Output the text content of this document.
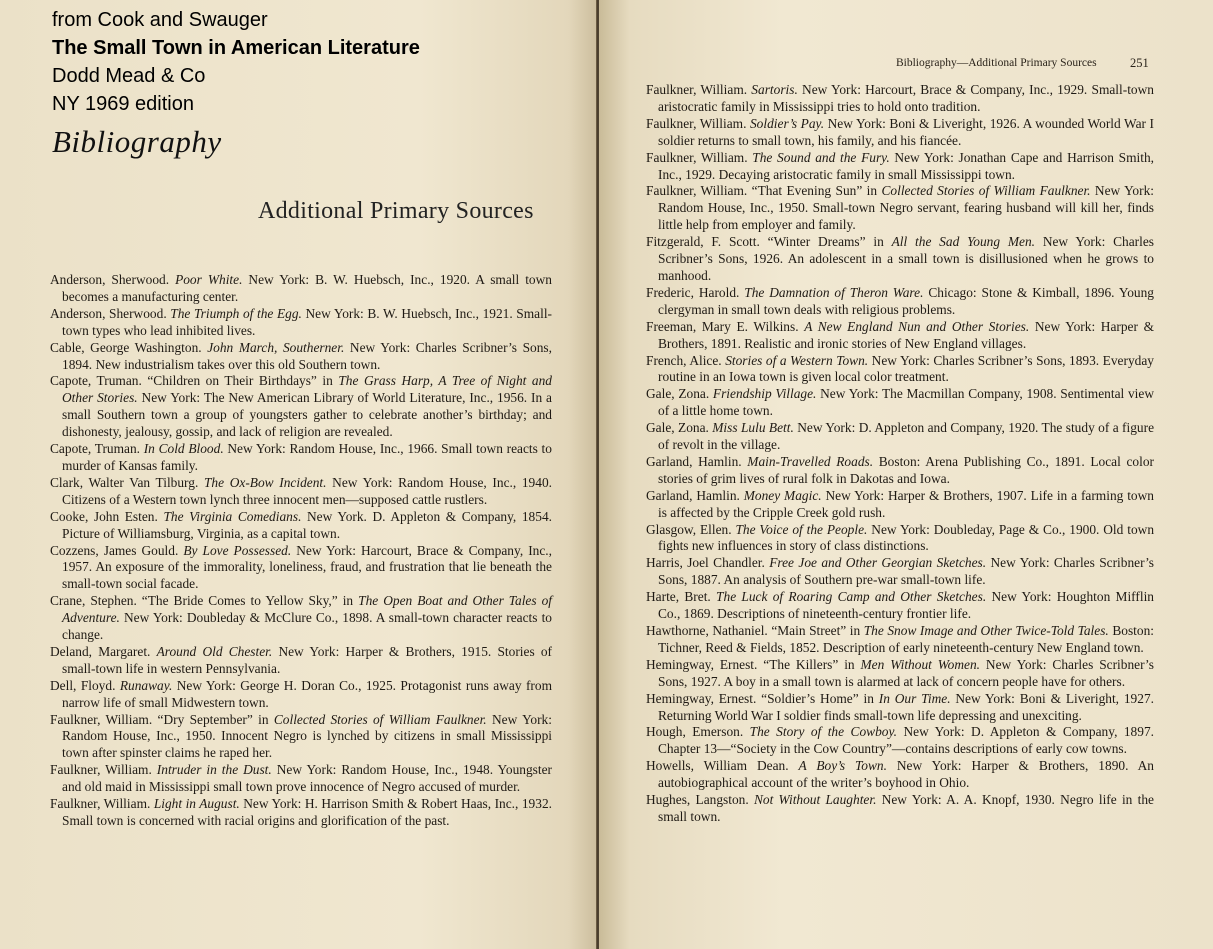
from Cook and Swauger
The Small Town in American Literature
Dodd Mead & Co
NY 1969 edition
Bibliography
Additional Primary Sources

Anderson, Sherwood. Poor White. New York: B. W. Huebsch, Inc., 1920. A small town becomes a manufacturing center.

Anderson, Sherwood. The Triumph of the Egg. New York: B. W. Huebsch, Inc., 1921. Small-town types who lead inhibited lives.

Cable, George Washington. John March, Southerner. New York: Charles Scribner’s Sons, 1894. New industrialism takes over this old Southern town.

Capote, Truman. “Children on Their Birthdays” in The Grass Harp, A Tree of Night and Other Stories. New York: The New American Library of World Literature, Inc., 1956. In a small Southern town a group of youngsters gather to celebrate another’s birthday; and dishonesty, jealousy, gossip, and lack of religion are revealed.

Capote, Truman. In Cold Blood. New York: Random House, Inc., 1966. Small town reacts to murder of Kansas family.

Clark, Walter Van Tilburg. The Ox-Bow Incident. New York: Random House, Inc., 1940. Citizens of a Western town lynch three innocent men—supposed cattle rustlers.

Cooke, John Esten. The Virginia Comedians. New York. D. Appleton & Company, 1854. Picture of Williamsburg, Virginia, as a capital town.

Cozzens, James Gould. By Love Possessed. New York: Harcourt, Brace & Company, Inc., 1957. An exposure of the immorality, loneliness, fraud, and frustration that lie beneath the small-town social facade.

Crane, Stephen. “The Bride Comes to Yellow Sky,” in The Open Boat and Other Tales of Adventure. New York: Doubleday & McClure Co., 1898. A small-town character reacts to change.

Deland, Margaret. Around Old Chester. New York: Harper & Brothers, 1915. Stories of small-town life in western Pennsylvania.

Dell, Floyd. Runaway. New York: George H. Doran Co., 1925. Protagonist runs away from narrow life of small Midwestern town.

Faulkner, William. “Dry September” in Collected Stories of William Faulkner. New York: Random House, Inc., 1950. Innocent Negro is lynched by citizens in small Mississippi town after spinster claims he raped her.

Faulkner, William. Intruder in the Dust. New York: Random House, Inc., 1948. Youngster and old maid in Mississippi small town prove innocence of Negro accused of murder.

Faulkner, William. Light in August. New York: H. Harrison Smith & Robert Haas, Inc., 1932. Small town is concerned with racial origins and glorification of the past.

Bibliography—Additional Primary Sources	251

Faulkner, William. Sartoris. New York: Harcourt, Brace & Company, Inc., 1929. Small-town aristocratic family in Mississippi tries to hold onto tradition.

Faulkner, William. Soldier’s Pay. New York: Boni & Liveright, 1926. A wounded World War I soldier returns to small town, his family, and his fiancée.

Faulkner, William. The Sound and the Fury. New York: Jonathan Cape and Harrison Smith, Inc., 1929. Decaying aristocratic family in small Mississippi town.

Faulkner, William. “That Evening Sun” in Collected Stories of William Faulkner. New York: Random House, Inc., 1950. Small-town Negro servant, fearing husband will kill her, finds little help from employer and family.

Fitzgerald, F. Scott. “Winter Dreams” in All the Sad Young Men. New York: Charles Scribner’s Sons, 1926. An adolescent in a small town is disillusioned when he grows to manhood.

Frederic, Harold. The Damnation of Theron Ware. Chicago: Stone & Kimball, 1896. Young clergyman in small town deals with religious problems.

Freeman, Mary E. Wilkins. A New England Nun and Other Stories. New York: Harper & Brothers, 1891. Realistic and ironic stories of New England villages.

French, Alice. Stories of a Western Town. New York: Charles Scribner’s Sons, 1893. Everyday routine in an Iowa town is given local color treatment.

Gale, Zona. Friendship Village. New York: The Macmillan Company, 1908. Sentimental view of a little home town.

Gale, Zona. Miss Lulu Bett. New York: D. Appleton and Company, 1920. The study of a figure of revolt in the village.

Garland, Hamlin. Main-Travelled Roads. Boston: Arena Publishing Co., 1891. Local color stories of grim lives of rural folk in Dakotas and Iowa.

Garland, Hamlin. Money Magic. New York: Harper & Brothers, 1907. Life in a farming town is affected by the Cripple Creek gold rush.

Glasgow, Ellen. The Voice of the People. New York: Doubleday, Page & Co., 1900. Old town fights new influences in story of class distinctions.

Harris, Joel Chandler. Free Joe and Other Georgian Sketches. New York: Charles Scribner’s Sons, 1887. An analysis of Southern pre-war small-town life.

Harte, Bret. The Luck of Roaring Camp and Other Sketches. New York: Houghton Mifflin Co., 1869. Descriptions of nineteenth-century frontier life.

Hawthorne, Nathaniel. “Main Street” in The Snow Image and Other Twice-Told Tales. Boston: Tichner, Reed & Fields, 1852. Description of early nineteenth-century New England town.

Hemingway, Ernest. “The Killers” in Men Without Women. New York: Charles Scribner’s Sons, 1927. A boy in a small town is alarmed at lack of concern people have for others.

Hemingway, Ernest. “Soldier’s Home” in In Our Time. New York: Boni & Liveright, 1927. Returning World War I soldier finds small-town life depressing and unexciting.

Hough, Emerson. The Story of the Cowboy. New York: D. Appleton & Company, 1897. Chapter 13—“Society in the Cow Country”—contains descriptions of early cow towns.

Howells, William Dean. A Boy’s Town. New York: Harper & Brothers, 1890. An autobiographical account of the writer’s boyhood in Ohio.

Hughes, Langston. Not Without Laughter. New York: A. A. Knopf, 1930. Negro life in the small town.
